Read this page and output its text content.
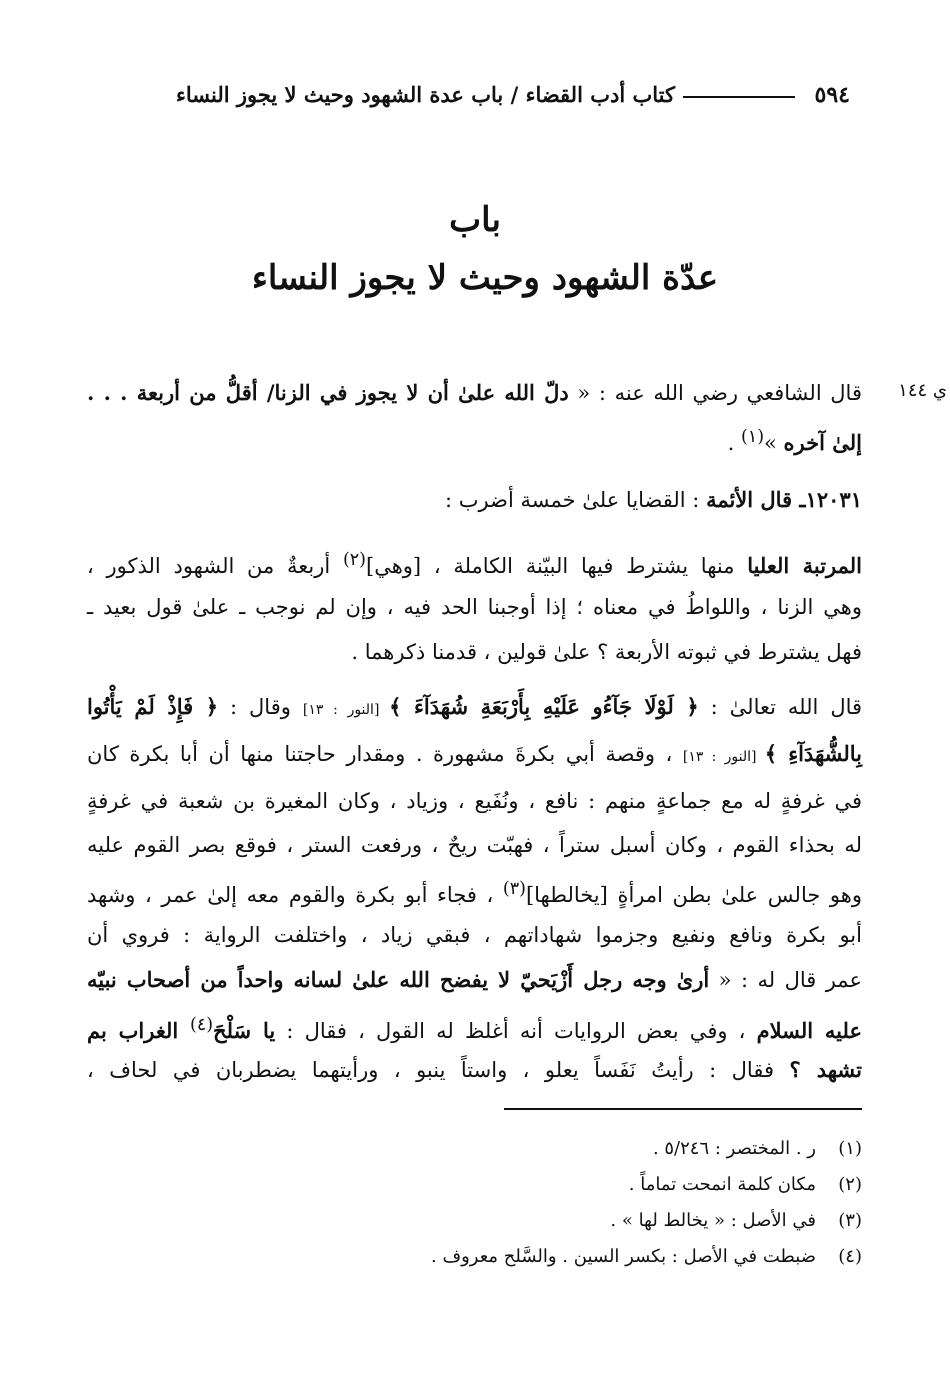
٥٩٤
كتاب أدب القضاء / باب عدة الشهود وحيث لا يجوز النساء
باب
عدّة الشهود وحيث لا يجوز النساء
ي ١٤٤
قال الشافعي رضي الله عنه : « دلّ الله علىٰ أن لا يجوز في الزنا/ أقلُّ من أربعة . . .
إلىٰ آخره »$^{(١)}$ .
١٢٠٣١ـ قال الأئمة : القضايا علىٰ خمسة أضرب :
المرتبة العليا منها يشترط فيها البيّنة الكاملة ، [وهي]$^{(٢)}$ أربعةٌ من الشهود الذكور ،
وهي الزنا ، واللواطُ في معناه ؛ إذا أوجبنا الحد فيه ، وإن لم نوجب ـ علىٰ قول بعيد ـ
فهل يشترط في ثبوته الأربعة ؟ علىٰ قولين ، قدمنا ذكرهما .
قال الله تعالىٰ : ﴿ لَوْلَا جَآءُو عَلَيْهِ بِأَرْبَعَةِ شُهَدَآءَ ﴾ [النور : ١٣] وقال : ﴿ فَإِذْ لَمْ يَأْتُوا
بِالشُّهَدَآءِ ﴾ [النور : ١٣] ، وقصة أبي بكرةَ مشهورة . ومقدار حاجتنا منها أن أبا بكرة كان
في غرفةٍ له مع جماعةٍ منهم : نافع ، ونُفَيع ، وزياد ، وكان المغيرة بن شعبة في غرفةٍ
له بحذاء القوم ، وكان أسبل ستراً ، فهبّت ريحٌ ، ورفعت الستر ، فوقع بصر القوم عليه
وهو جالس علىٰ بطن امرأةٍ [يخالطها]$^{(٣)}$ ، فجاء أبو بكرة والقوم معه إلىٰ عمر ، وشهد
أبو بكرة ونافع ونفيع وجزموا شهاداتهم ، فبقي زياد ، واختلفت الرواية : فروي أن
عمر قال له : « أرىٰ وجه رجل أَزْيَحيّ لا يفضح الله علىٰ لسانه واحداً من أصحاب نبيّه
عليه السلام ، وفي بعض الروايات أنه أغلظ له القول ، فقال : يا سَلْحَ$^{(٤)}$ الغراب بم
تشهد ؟ فقال : رأيتُ نَفَساً يعلو ، واستاً ينبو ، ورأيتهما يضطربان في لحاف ،
(١)ر . المختصر : ٥/٢٤٦ .
(٢)مكان كلمة انمحت تماماً .
(٣)في الأصل : « يخالط لها » .
(٤)ضبطت في الأصل : بكسر السين . والسَّلح معروف .
